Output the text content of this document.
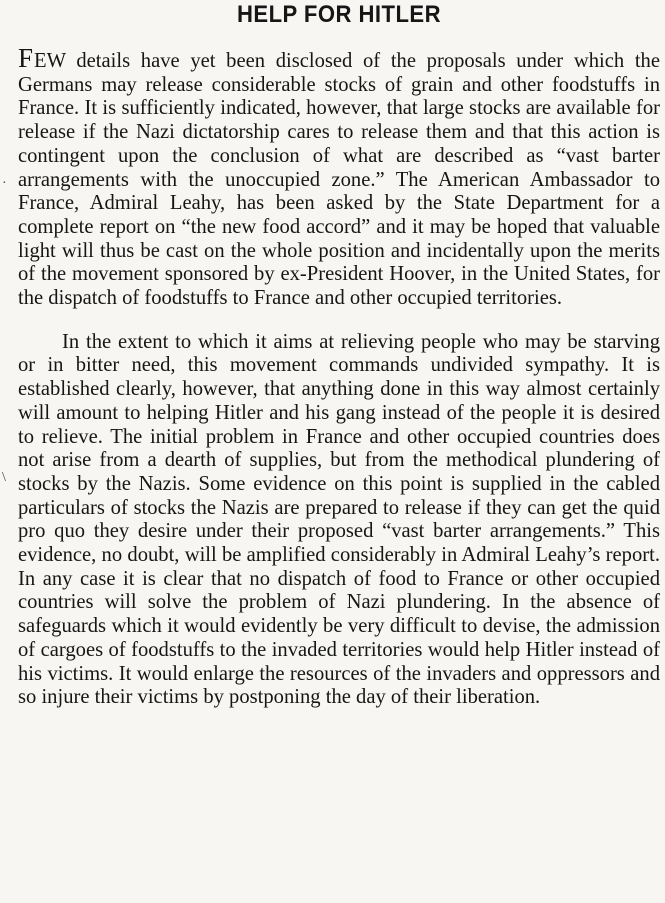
HELP FOR HITLER

FEW details have yet been disclosed of the proposals under which the Germans may release considerable stocks of grain and other foodstuffs in France. It is sufficiently indicated, however, that large stocks are available for release if the Nazi dictatorship cares to release them and that this action is contingent upon the conclusion of what are described as “vast barter arrangements with the unoccupied zone.” The American Ambassador to France, Admiral Leahy, has been asked by the State Department for a complete report on “the new food accord” and it may be hoped that valuable light will thus be cast on the whole position and incidentally upon the merits of the movement sponsored by ex-President Hoover, in the United States, for the dispatch of foodstuffs to France and other occupied territories.

In the extent to which it aims at relieving people who may be starving or in bitter need, this movement commands undivided sympathy. It is established clearly, however, that anything done in this way almost certainly will amount to helping Hitler and his gang instead of the people it is desired to relieve. The initial problem in France and other occupied countries does not arise from a dearth of supplies, but from the methodical plundering of stocks by the Nazis. Some evidence on this point is supplied in the cabled particulars of stocks the Nazis are prepared to release if they can get the quid pro quo they desire under their proposed “vast barter arrangements.” This evidence, no doubt, will be amplified considerably in Admiral Leahy’s report. In any case it is clear that no dispatch of food to France or other occupied countries will solve the problem of Nazi plundering. In the absence of safeguards which it would evidently be very difficult to devise, the admission of cargoes of foodstuffs to the invaded territories would help Hitler instead of his victims. It would enlarge the resources of the invaders and oppressors and so injure their victims by postponing the day of their liberation.

·
\
